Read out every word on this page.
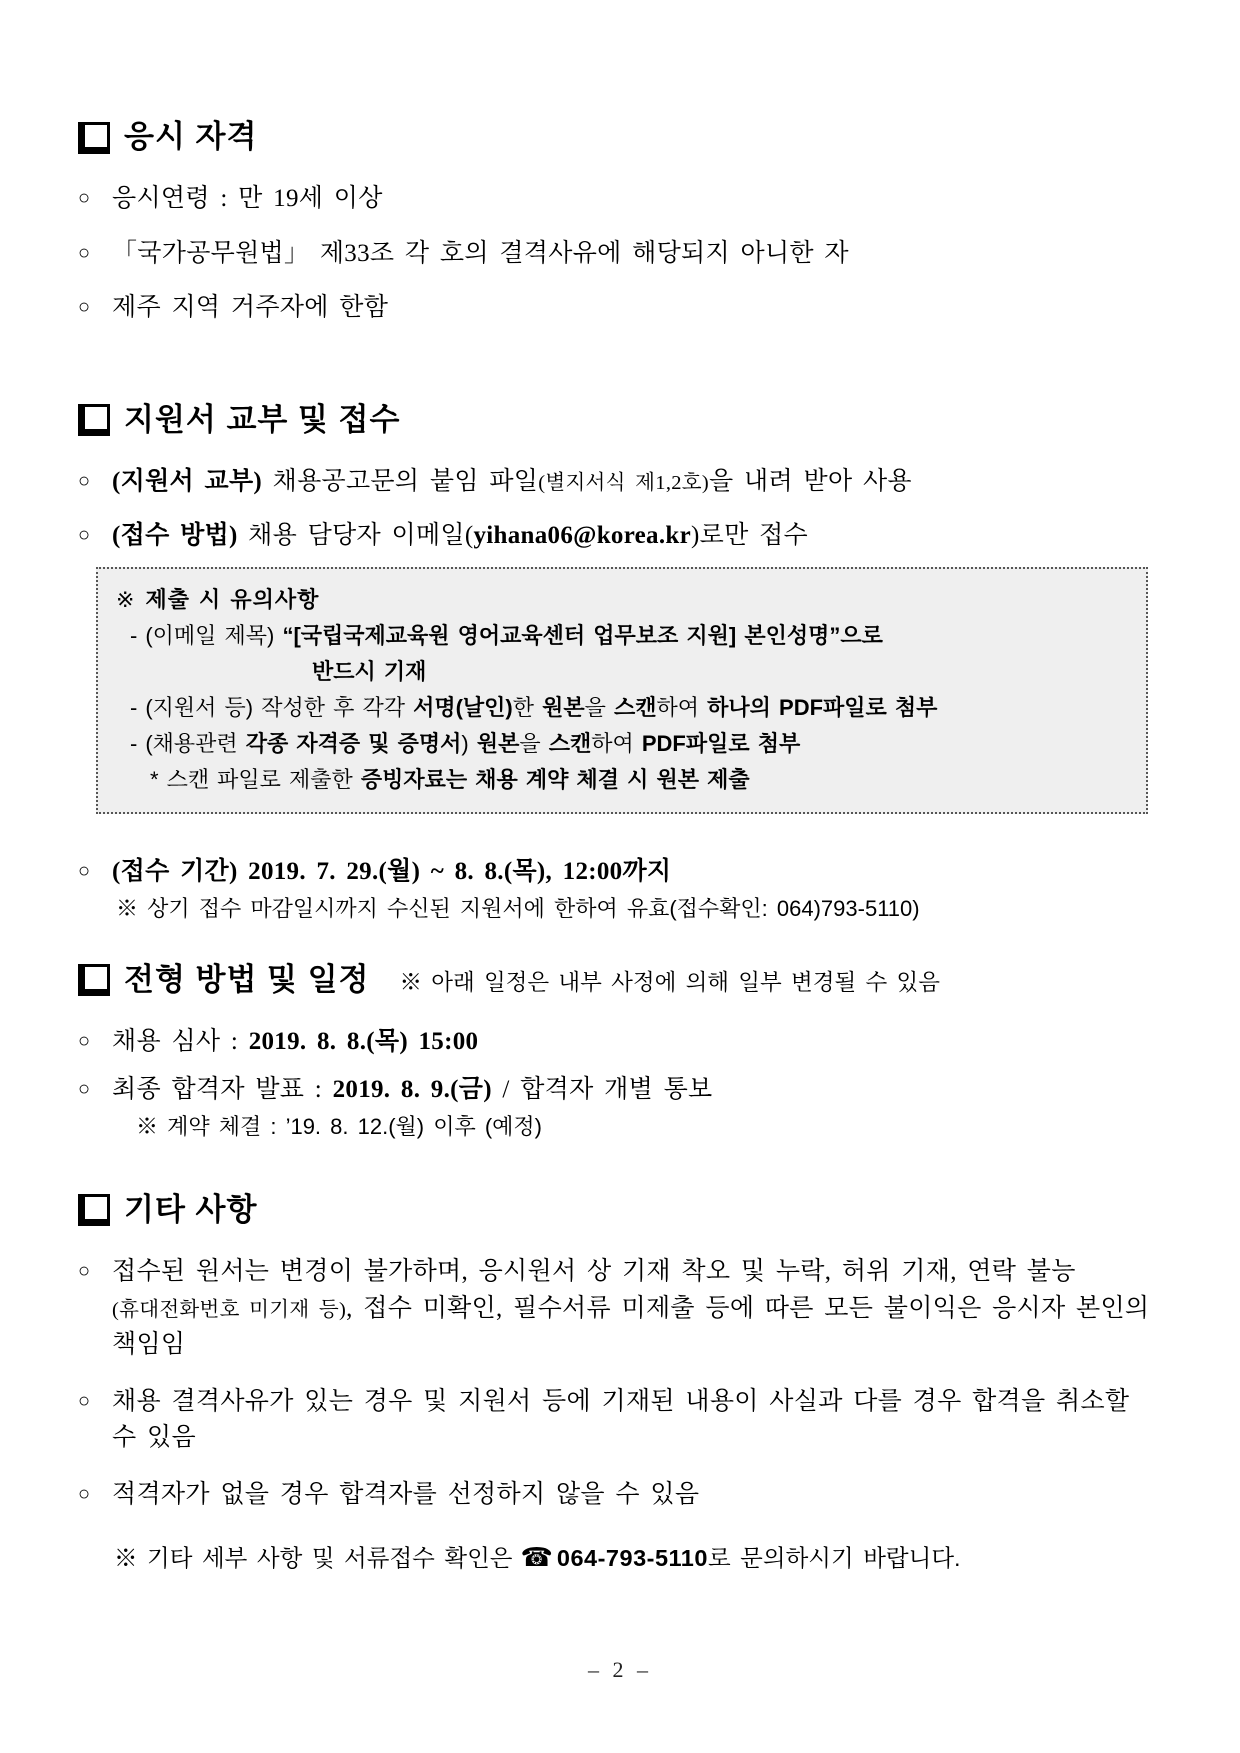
응시 자격
○ 응시연령 : 만 19세 이상
○ 「국가공무원법」 제33조 각 호의 결격사유에 해당되지 아니한 자
○ 제주 지역 거주자에 한함
지원서 교부 및 접수
○ (지원서 교부) 채용공고문의 붙임 파일(별지서식 제1,2호)을 내려 받아 사용
○ (접수 방법) 채용 담당자 이메일(yihana06@korea.kr)로만 접수
※ 제출 시 유의사항
- (이메일 제목) “[국립국제교육원 영어교육센터 업무보조 지원] 본인성명”으로
반드시 기재
- (지원서 등) 작성한 후 각각 서명(날인)한 원본을 스캔하여 하나의 PDF파일로 첨부
- (채용관련 각종 자격증 및 증명서) 원본을 스캔하여 PDF파일로 첨부
* 스캔 파일로 제출한 증빙자료는 채용 계약 체결 시 원본 제출
○ (접수 기간) 2019. 7. 29.(월) ~ 8. 8.(목), 12:00까지
※ 상기 접수 마감일시까지 수신된 지원서에 한하여 유효(접수확인: 064)793-5110)
전형 방법 및 일정 ※ 아래 일정은 내부 사정에 의해 일부 변경될 수 있음
○ 채용 심사 : 2019. 8. 8.(목) 15:00
○ 최종 합격자 발표 : 2019. 8. 9.(금) / 합격자 개별 통보
※ 계약 체결 : ’19. 8. 12.(월) 이후 (예정)
기타 사항
○ 접수된 원서는 변경이 불가하며, 응시원서 상 기재 착오 및 누락, 허위 기재, 연락 불능(휴대전화번호 미기재 등), 접수 미확인, 필수서류 미제출 등에 따른 모든 불이익은 응시자 본인의 책임임
○ 채용 결격사유가 있는 경우 및 지원서 등에 기재된 내용이 사실과 다를 경우 합격을 취소할 수 있음
○ 적격자가 없을 경우 합격자를 선정하지 않을 수 있음
※ 기타 세부 사항 및 서류접수 확인은 ☎ 064-793-5110 로 문의하시기 바랍니다.
– 2 –
